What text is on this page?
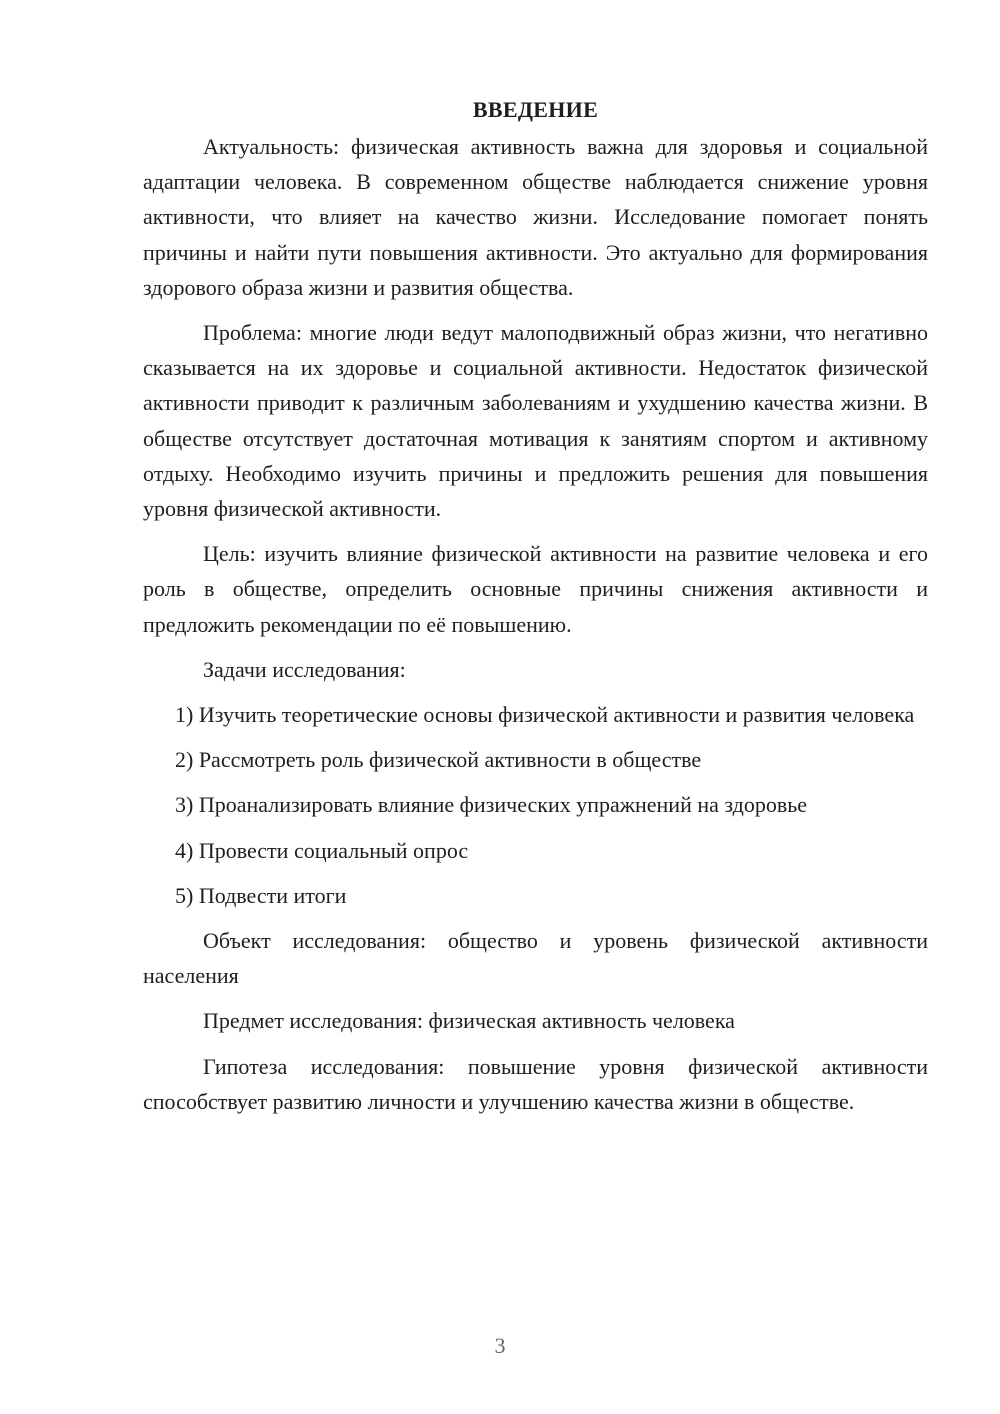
ВВЕДЕНИЕ

Актуальность: физическая активность важна для здоровья и социальной адаптации человека. В современном обществе наблюдается снижение уровня активности, что влияет на качество жизни. Исследование помогает понять причины и найти пути повышения активности. Это актуально для формирования здорового образа жизни и развития общества.

Проблема: многие люди ведут малоподвижный образ жизни, что негативно сказывается на их здоровье и социальной активности. Недостаток физической активности приводит к различным заболеваниям и ухудшению качества жизни. В обществе отсутствует достаточная мотивация к занятиям спортом и активному отдыху. Необходимо изучить причины и предложить решения для повышения уровня физической активности.

Цель: изучить влияние физической активности на развитие человека и его роль в обществе, определить основные причины снижения активности и предложить рекомендации по её повышению.

Задачи исследования:

1) Изучить теоретические основы физической активности и развития человека

2) Рассмотреть роль физической активности в обществе

3) Проанализировать влияние физических упражнений на здоровье

4) Провести социальный опрос

5) Подвести итоги

Объект исследования: общество и уровень физической активности населения

Предмет исследования: физическая активность человека

Гипотеза исследования: повышение уровня физической активности способствует развитию личности и улучшению качества жизни в обществе.

3
